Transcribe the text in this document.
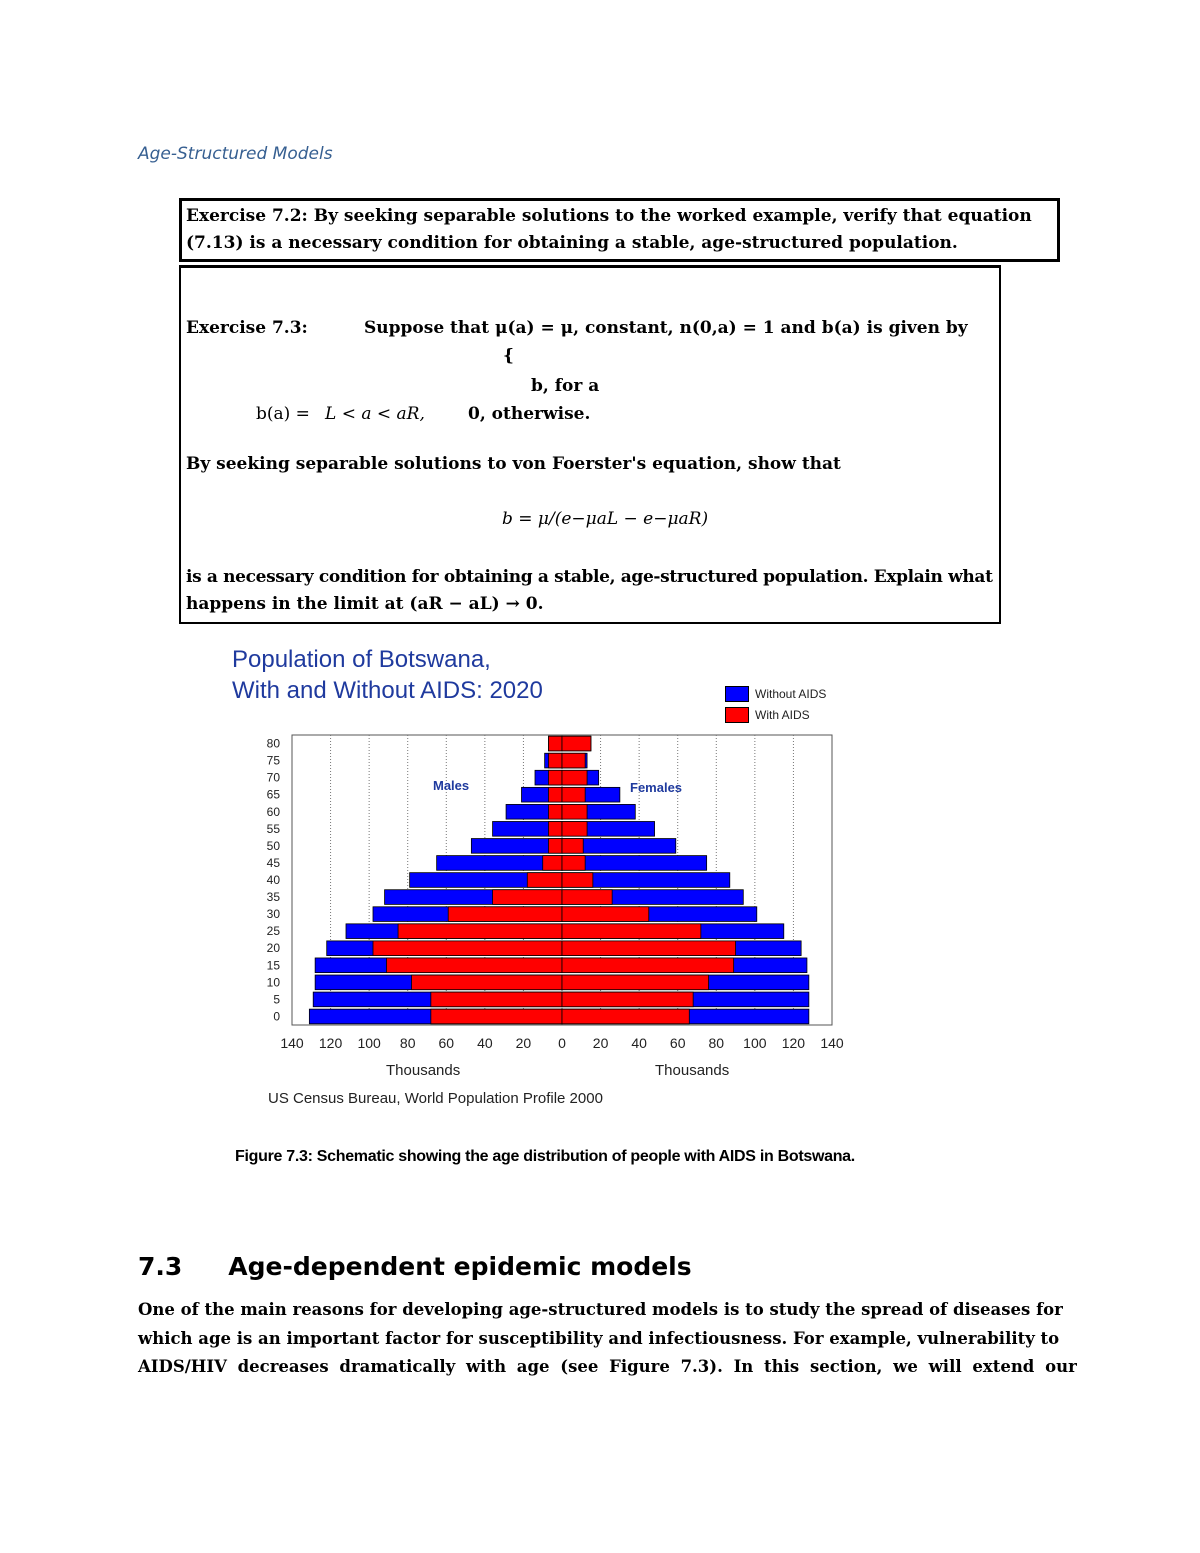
Age-Structured Models
Exercise 7.2: By seeking separable solutions to the worked example, verify that equation
(7.13) is a necessary condition for obtaining a stable, age-structured population.
Exercise 7.3:	Suppose that μ(a) = μ, constant, n(0,a) = 1 and b(a) is given by
{
b, for a
b(a) = L < a < aR,	0, otherwise.
By seeking separable solutions to von Foerster's equation, show that
b = μ/(e−μaL − e−μaR)
is a necessary condition for obtaining a stable, age-structured population. Explain what
happens in the limit at (aR − aL) → 0.
Population of Botswana,
With and Without AIDS: 2020	Without AIDS
With AIDS
0
5
10
15
20
25
30
35
40
45
50
55
60
65
70
75
80
140 120 100 80 60 40 20 0 20 40 60 80 100 120 140
Males	Females
Thousands	Thousands
US Census Bureau, World Population Profile 2000
Figure 7.3: Schematic showing the age distribution of people with AIDS in Botswana.
7.3 Age-dependent epidemic models

One of the main reasons for developing age-structured models is to study the spread of diseases for

which age is an important factor for susceptibility and infectiousness. For example, vulnerability to

AIDS/HIV decreases dramatically with age (see Figure 7.3). In this section, we will extend our
